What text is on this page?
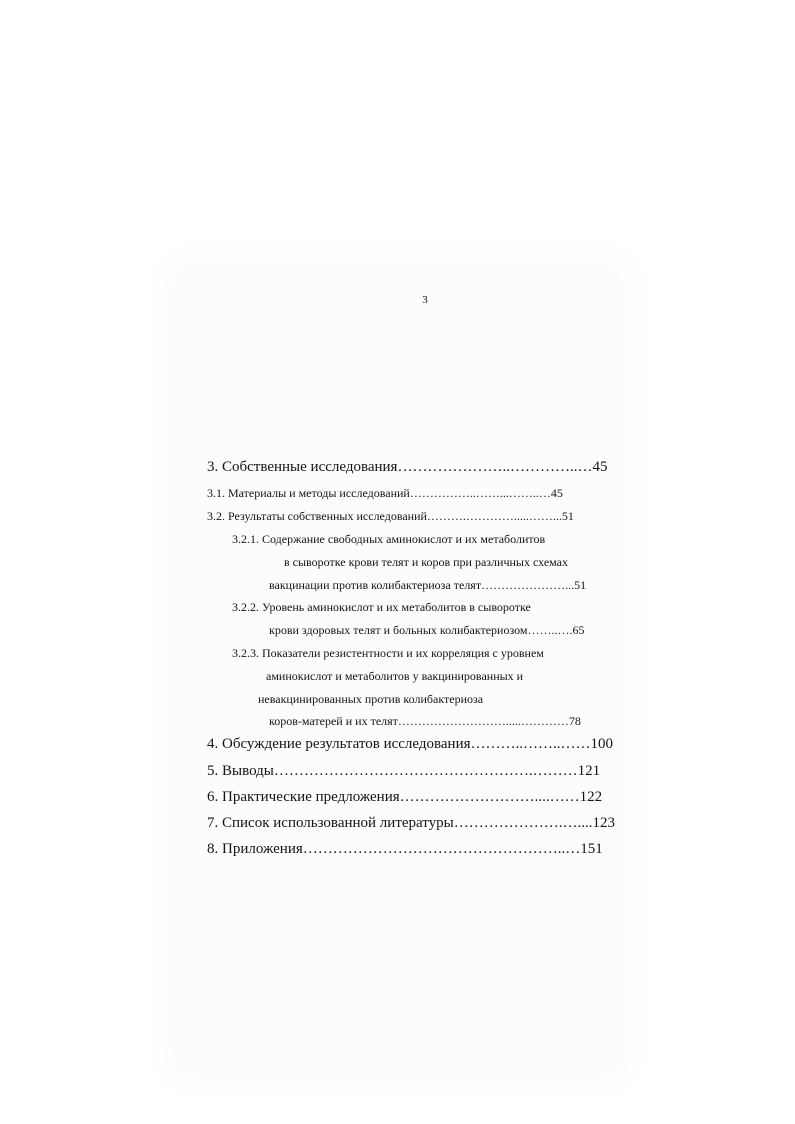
3
3. Собственные исследования…………………..…………..…45
3.1. Материалы и методы исследований……………..……...……..…45
3.2. Результаты собственных исследований……….………….....……...51
3.2.1. Содержание свободных аминокислот и их метаболитов
в сыворотке крови телят и коров при различных схемах
вакцинации против колибактериоза телят…………………...51
3.2.2. Уровень аминокислот и их метаболитов в сыворотке
крови здоровых телят и больных колибактериозом……..….65
3.2.3. Показатели резистентности и их корреляция с уровнем
аминокислот и метаболитов у вакцинированных и
невакцинированных против колибактериоза
коров-матерей и их телят……………………….....…………78
4. Обсуждение результатов исследования………..……..……100
5. Выводы…………………………………………….………121
6. Практические предложения………………………....……122
7. Список использованной литературы………………….…....123
8. Приложения……………………………………………..…151
